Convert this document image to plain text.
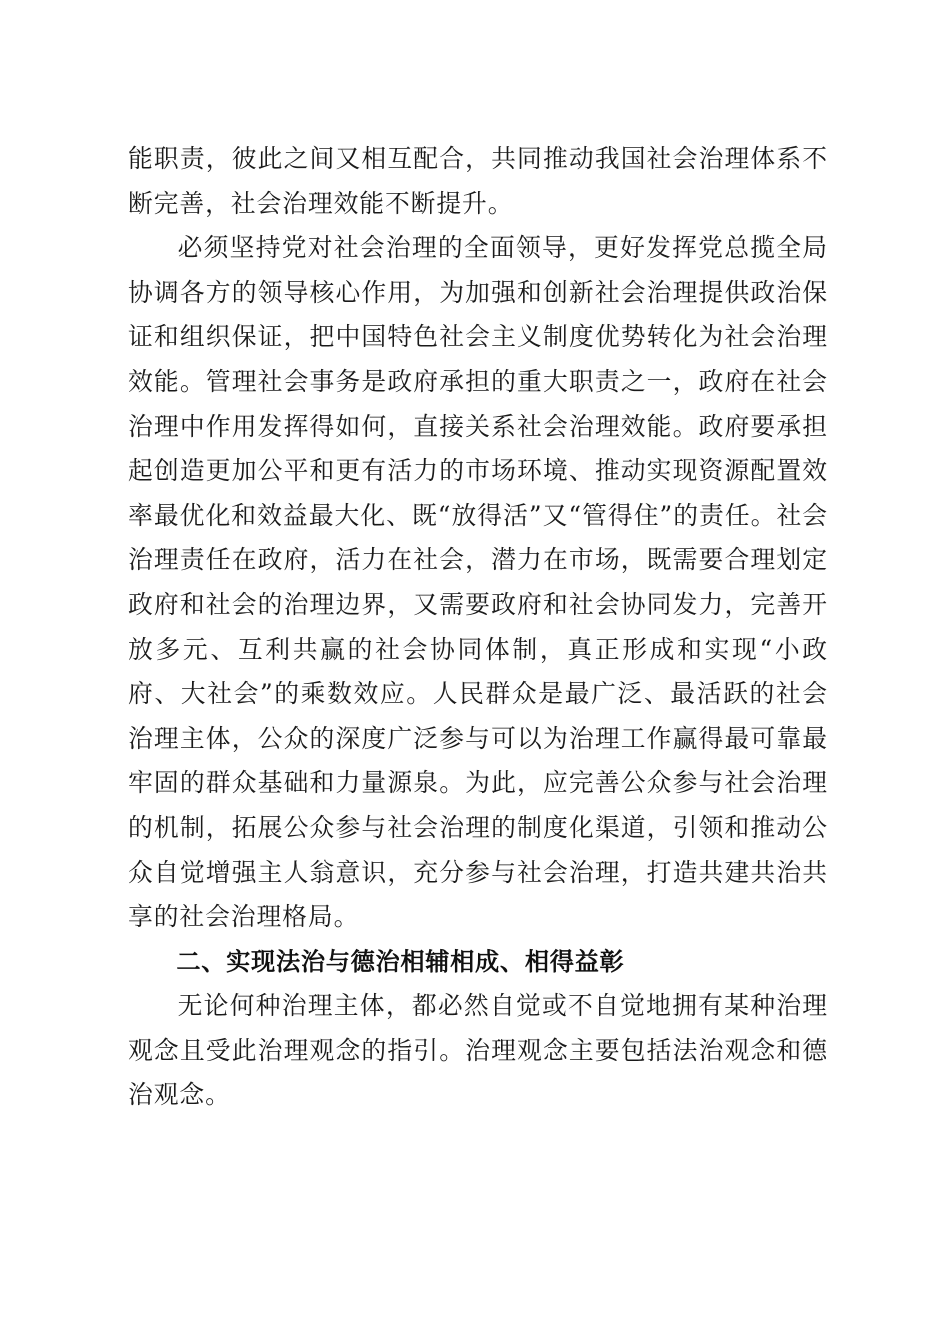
能职责，彼此之间又相互配合，共同推动我国社会治理体系不断完善，社会治理效能不断提升。

必须坚持党对社会治理的全面领导，更好发挥党总揽全局协调各方的领导核心作用，为加强和创新社会治理提供政治保证和组织保证，把中国特色社会主义制度优势转化为社会治理效能。管理社会事务是政府承担的重大职责之一，政府在社会治理中作用发挥得如何，直接关系社会治理效能。政府要承担起创造更加公平和更有活力的市场环境、推动实现资源配置效率最优化和效益最大化、既“放得活”又“管得住”的责任。社会治理责任在政府，活力在社会，潜力在市场，既需要合理划定政府和社会的治理边界，又需要政府和社会协同发力，完善开放多元、互利共赢的社会协同体制，真正形成和实现“小政府、大社会”的乘数效应。人民群众是最广泛、最活跃的社会治理主体，公众的深度广泛参与可以为治理工作赢得最可靠最牢固的群众基础和力量源泉。为此，应完善公众参与社会治理的机制，拓展公众参与社会治理的制度化渠道，引领和推动公众自觉增强主人翁意识，充分参与社会治理，打造共建共治共享的社会治理格局。

二、实现法治与德治相辅相成、相得益彰

无论何种治理主体，都必然自觉或不自觉地拥有某种治理观念且受此治理观念的指引。治理观念主要包括法治观念和德治观念。
